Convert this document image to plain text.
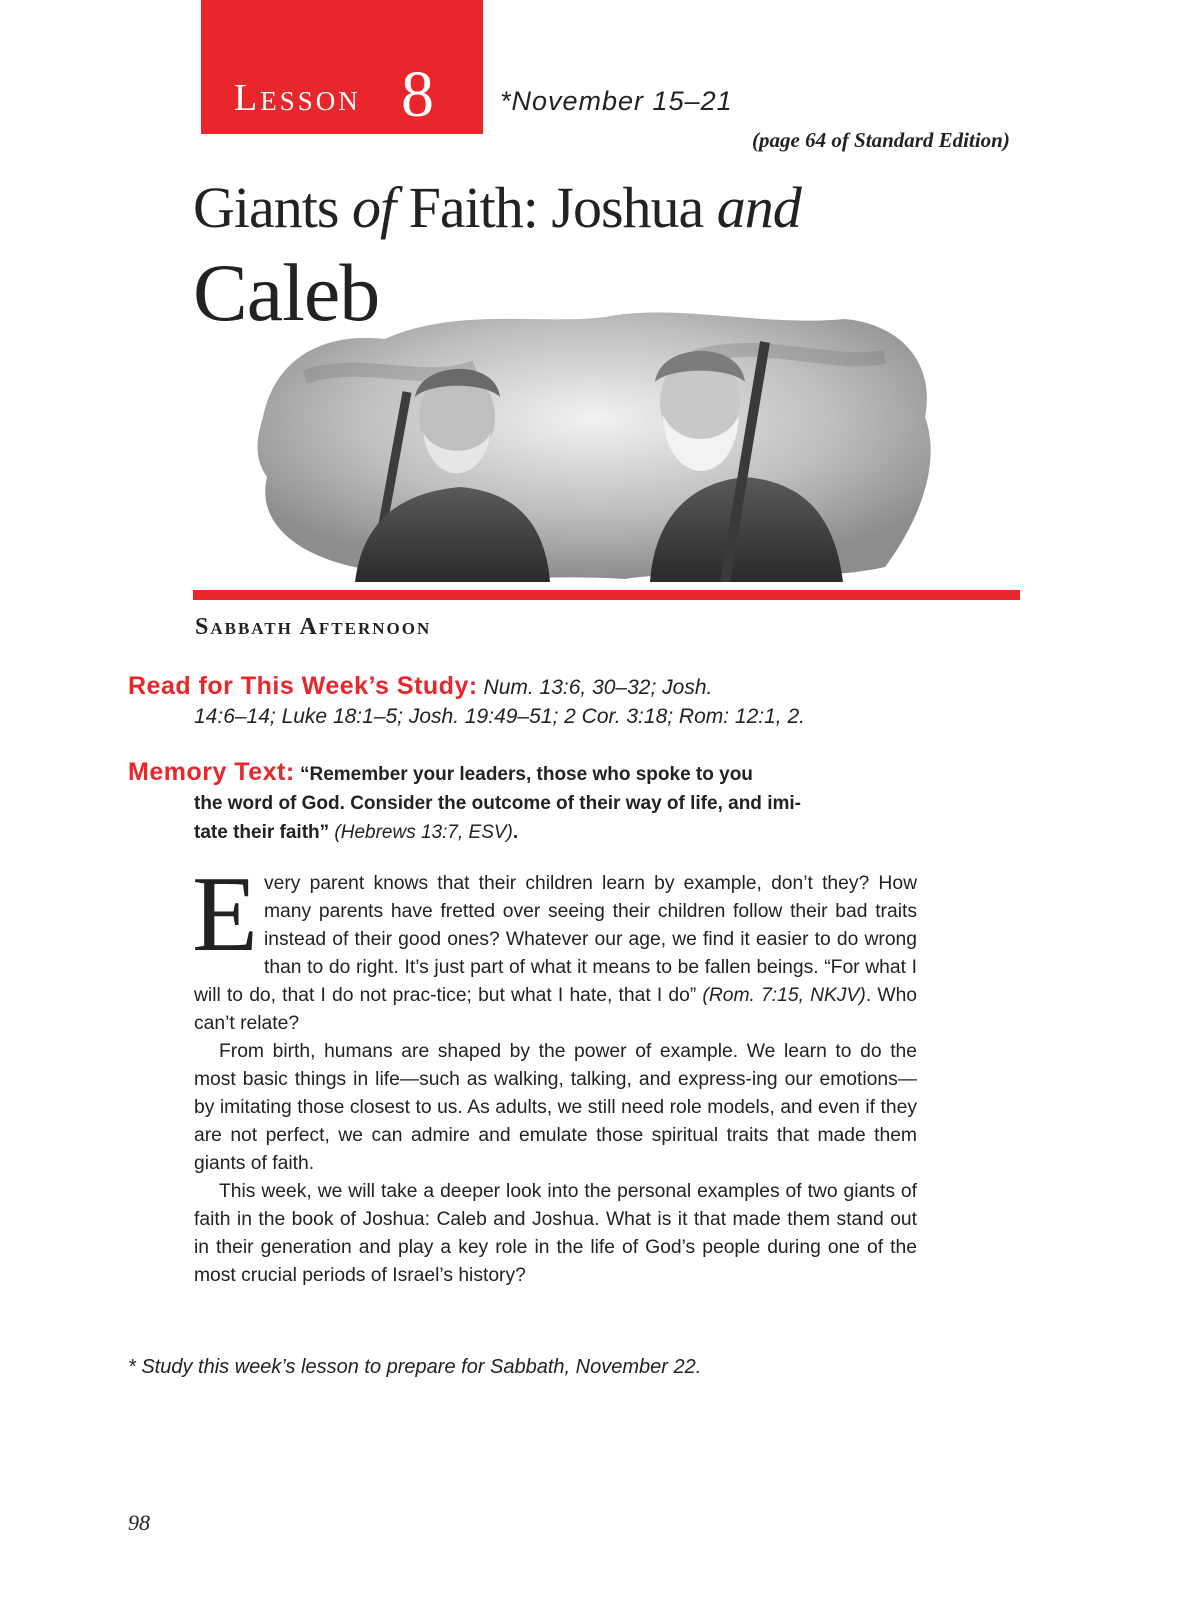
Lesson 8 *November 15–21
(page 64 of Standard Edition)
Giants of Faith: Joshua and
Caleb
Sabbath Afternoon
Read for This Week’s Study: Num. 13:6, 30–32; Josh.
14:6–14; Luke 18:1–5; Josh. 19:49–51; 2 Cor. 3:18; Rom: 12:1, 2.
Memory Text: “Remember your leaders, those who spoke to you
the word of God. Consider the outcome of their way of life, and imi-
tate their faith” (Hebrews 13:7, ESV).

Every parent knows that their children learn by example, don’t they? How many parents have fretted over seeing their children follow their bad traits instead of their good ones? Whatever our age, we find it easier to do wrong than to do right. It’s just part of what it means to be fallen beings. “For what I will to do, that I do not prac-tice; but what I hate, that I do” (Rom. 7:15, NKJV). Who can’t relate?

From birth, humans are shaped by the power of example. We learn to do the most basic things in life—such as walking, talking, and express-ing our emotions—by imitating those closest to us. As adults, we still need role models, and even if they are not perfect, we can admire and emulate those spiritual traits that made them giants of faith.

This week, we will take a deeper look into the personal examples of two giants of faith in the book of Joshua: Caleb and Joshua. What is it that made them stand out in their generation and play a key role in the life of God’s people during one of the most crucial periods of Israel’s history?

* Study this week’s lesson to prepare for Sabbath, November 22.
98
